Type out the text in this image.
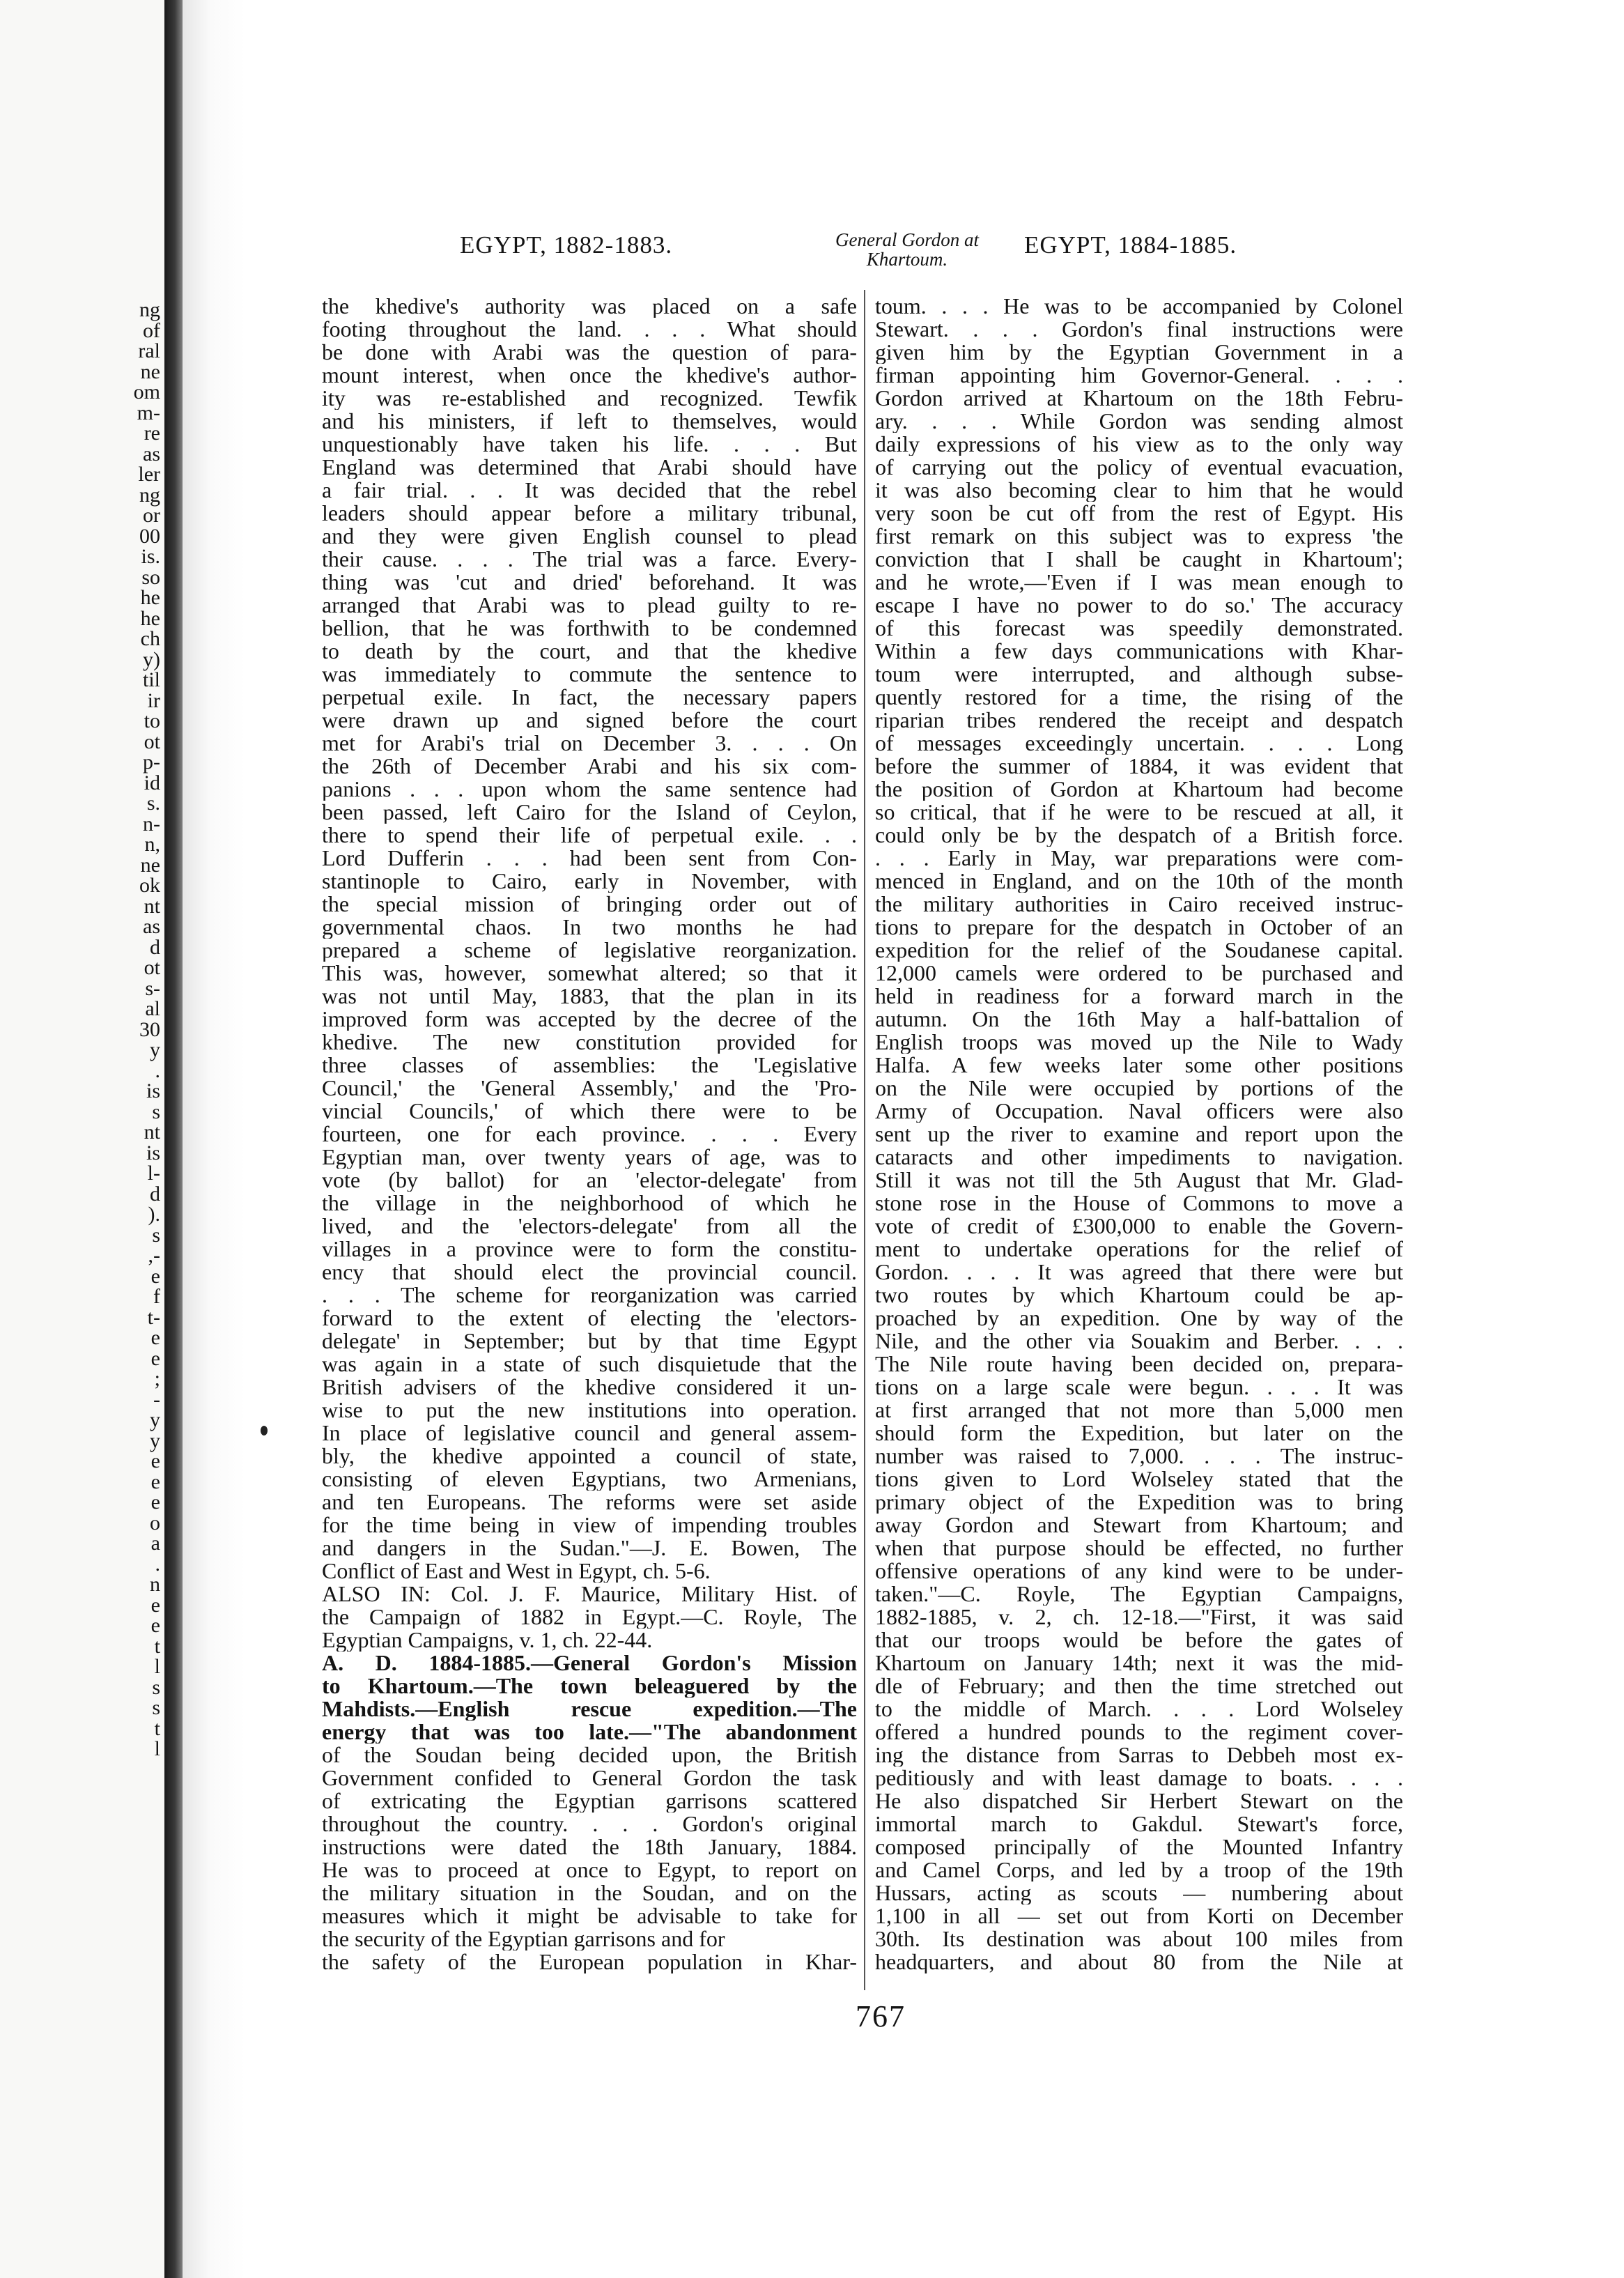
ng
of
ral
ne
om
m-
re
as
ler
ng
or
00
is.
so
he
he
ch
y)
til
ir
to
ot
p-
id
s.
n-
n,
ne
ok
nt
as
d
ot
s-
al
30
y
.
is
s
nt
is
l-
d
).
s
,-
e
f
t-
e
e
;
-
y
y
e
e
e
o
a
.
n
e
e
t
l
s
s
t
l
EGYPT, 1882-1883.	General Gordon at
Khartoum.
EGYPT, 1884-1885.
the khedive's authority was placed on a safe
footing throughout the land. . . . What should
be done with Arabi was the question of para-
mount interest, when once the khedive's author-
ity was re-established and recognized. Tewfik
and his ministers, if left to themselves, would
unquestionably have taken his life. . . . But
England was determined that Arabi should have
a fair trial. . . It was decided that the rebel
leaders should appear before a military tribunal,
and they were given English counsel to plead
their cause. . . . The trial was a farce. Every-
thing was 'cut and dried' beforehand. It was
arranged that Arabi was to plead guilty to re-
bellion, that he was forthwith to be condemned
to death by the court, and that the khedive
was immediately to commute the sentence to
perpetual exile. In fact, the necessary papers
were drawn up and signed before the court
met for Arabi's trial on December 3. . . . On
the 26th of December Arabi and his six com-
panions . . . upon whom the same sentence had
been passed, left Cairo for the Island of Ceylon,
there to spend their life of perpetual exile. . .
Lord Dufferin . . . had been sent from Con-
stantinople to Cairo, early in November, with
the special mission of bringing order out of
governmental chaos. In two months he had
prepared a scheme of legislative reorganization.
This was, however, somewhat altered; so that it
was not until May, 1883, that the plan in its
improved form was accepted by the decree of the
khedive. The new constitution provided for
three classes of assemblies: the 'Legislative
Council,' the 'General Assembly,' and the 'Pro-
vincial Councils,' of which there were to be
fourteen, one for each province. . . . Every
Egyptian man, over twenty years of age, was to
vote (by ballot) for an 'elector-delegate' from
the village in the neighborhood of which he
lived, and the 'electors-delegate' from all the
villages in a province were to form the constitu-
ency that should elect the provincial council.
. . . The scheme for reorganization was carried
forward to the extent of electing the 'electors-
delegate' in September; but by that time Egypt
was again in a state of such disquietude that the
British advisers of the khedive considered it un-
wise to put the new institutions into operation.
In place of legislative council and general assem-
bly, the khedive appointed a council of state,
consisting of eleven Egyptians, two Armenians,
and ten Europeans. The reforms were set aside
for the time being in view of impending troubles
and dangers in the Sudan."—J. E. Bowen, The
Conflict of East and West in Egypt, ch. 5-6.
ALSO IN: Col. J. F. Maurice, Military Hist. of
the Campaign of 1882 in Egypt.—C. Royle, The
Egyptian Campaigns, v. 1, ch. 22-44.
A. D. 1884-1885.—General Gordon's Mission
to Khartoum.—The town beleaguered by the
Mahdists.—English rescue expedition.—The
energy that was too late.—"The abandonment
of the Soudan being decided upon, the British
Government confided to General Gordon the task
of extricating the Egyptian garrisons scattered
throughout the country. . . . Gordon's original
instructions were dated the 18th January, 1884.
He was to proceed at once to Egypt, to report on
the military situation in the Soudan, and on the
measures which it might be advisable to take for
the security of the Egyptian garrisons and for
the safety of the European population in Khar-
toum. . . . He was to be accompanied by Colonel
Stewart. . . . Gordon's final instructions were
given him by the Egyptian Government in a
firman appointing him Governor-General. . . .
Gordon arrived at Khartoum on the 18th Febru-
ary. . . . While Gordon was sending almost
daily expressions of his view as to the only way
of carrying out the policy of eventual evacuation,
it was also becoming clear to him that he would
very soon be cut off from the rest of Egypt. His
first remark on this subject was to express 'the
conviction that I shall be caught in Khartoum';
and he wrote,—'Even if I was mean enough to
escape I have no power to do so.' The accuracy
of this forecast was speedily demonstrated.
Within a few days communications with Khar-
toum were interrupted, and although subse-
quently restored for a time, the rising of the
riparian tribes rendered the receipt and despatch
of messages exceedingly uncertain. . . . Long
before the summer of 1884, it was evident that
the position of Gordon at Khartoum had become
so critical, that if he were to be rescued at all, it
could only be by the despatch of a British force.
. . . Early in May, war preparations were com-
menced in England, and on the 10th of the month
the military authorities in Cairo received instruc-
tions to prepare for the despatch in October of an
expedition for the relief of the Soudanese capital.
12,000 camels were ordered to be purchased and
held in readiness for a forward march in the
autumn. On the 16th May a half-battalion of
English troops was moved up the Nile to Wady
Halfa. A few weeks later some other positions
on the Nile were occupied by portions of the
Army of Occupation. Naval officers were also
sent up the river to examine and report upon the
cataracts and other impediments to navigation.
Still it was not till the 5th August that Mr. Glad-
stone rose in the House of Commons to move a
vote of credit of £300,000 to enable the Govern-
ment to undertake operations for the relief of
Gordon. . . . It was agreed that there were but
two routes by which Khartoum could be ap-
proached by an expedition. One by way of the
Nile, and the other via Souakim and Berber. . . .
The Nile route having been decided on, prepara-
tions on a large scale were begun. . . . It was
at first arranged that not more than 5,000 men
should form the Expedition, but later on the
number was raised to 7,000. . . . The instruc-
tions given to Lord Wolseley stated that the
primary object of the Expedition was to bring
away Gordon and Stewart from Khartoum; and
when that purpose should be effected, no further
offensive operations of any kind were to be under-
taken."—C. Royle, The Egyptian Campaigns,
1882-1885, v. 2, ch. 12-18.—"First, it was said
that our troops would be before the gates of
Khartoum on January 14th; next it was the mid-
dle of February; and then the time stretched out
to the middle of March. . . . Lord Wolseley
offered a hundred pounds to the regiment cover-
ing the distance from Sarras to Debbeh most ex-
peditiously and with least damage to boats. . . .
He also dispatched Sir Herbert Stewart on the
immortal march to Gakdul. Stewart's force,
composed principally of the Mounted Infantry
and Camel Corps, and led by a troop of the 19th
Hussars, acting as scouts — numbering about
1,100 in all — set out from Korti on December
30th. Its destination was about 100 miles from
headquarters, and about 80 from the Nile at
767
